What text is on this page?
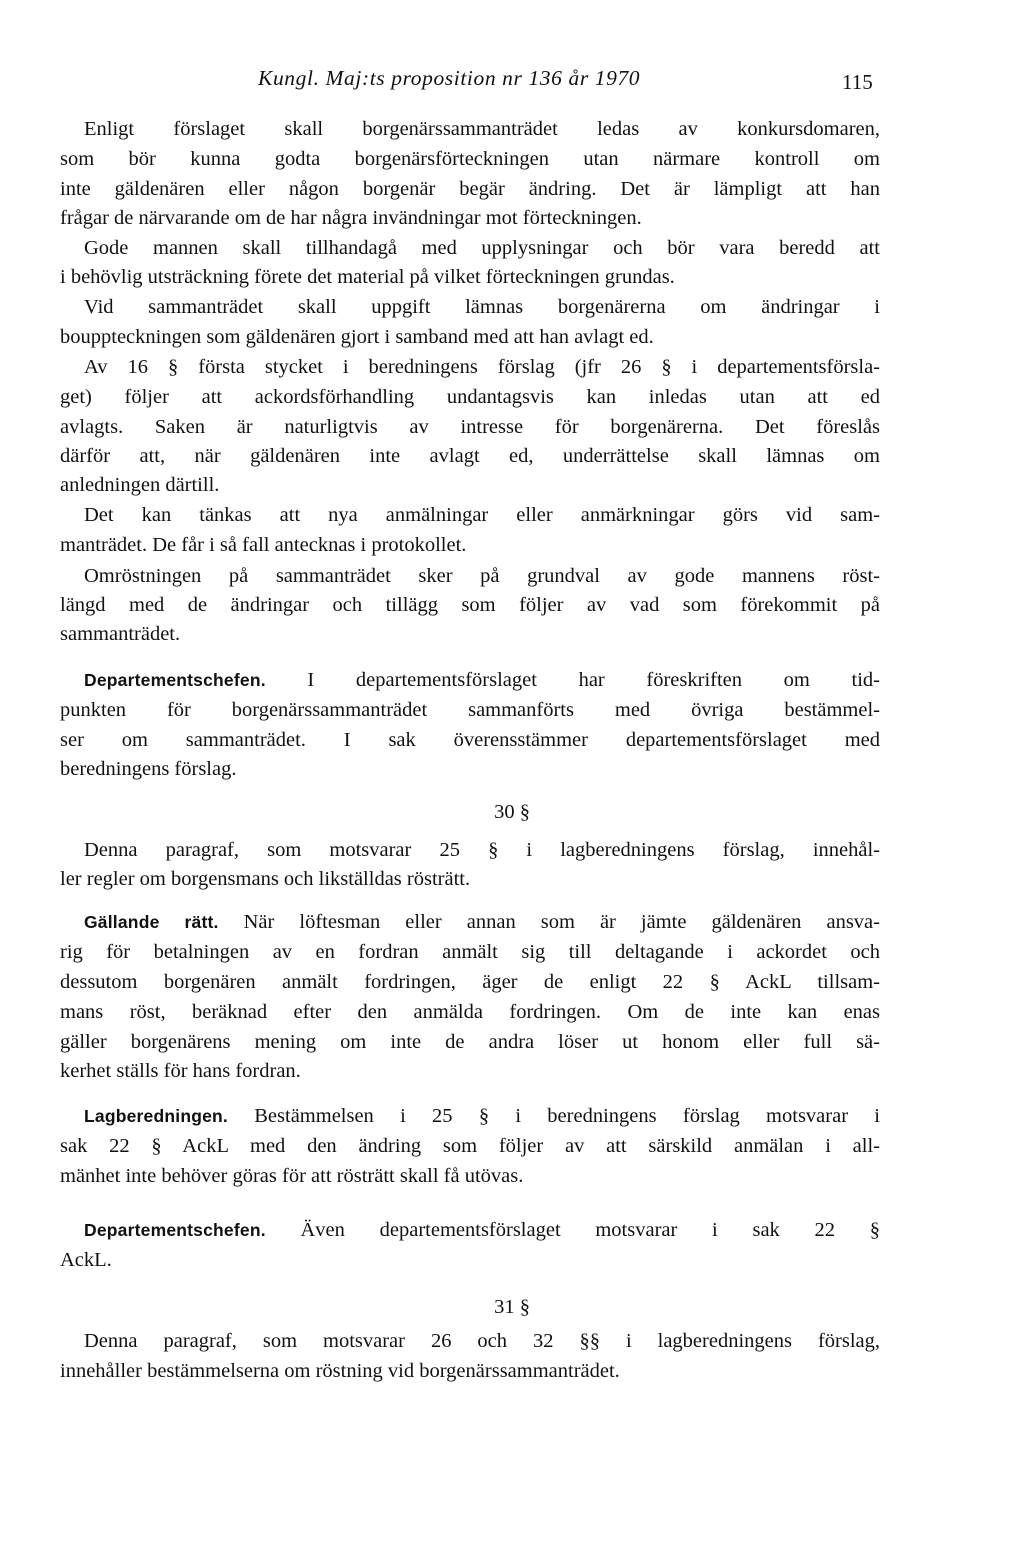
Kungl. Maj:ts proposition nr 136 år 1970	115
Enligt förslaget skall borgenärssammanträdet ledas av konkursdomaren,
som bör kunna godta borgenärsförteckningen utan närmare kontroll om
inte gäldenären eller någon borgenär begär ändring. Det är lämpligt att han
frågar de närvarande om de har några invändningar mot förteckningen.
Gode mannen skall tillhandagå med upplysningar och bör vara beredd att
i behövlig utsträckning förete det material på vilket förteckningen grundas.
Vid sammanträdet skall uppgift lämnas borgenärerna om ändringar i
bouppteckningen som gäldenären gjort i samband med att han avlagt ed.
Av 16 § första stycket i beredningens förslag (jfr 26 § i departementsförsla-
get) följer att ackordsförhandling undantagsvis kan inledas utan att ed
avlagts. Saken är naturligtvis av intresse för borgenärerna. Det föreslås
därför att, när gäldenären inte avlagt ed, underrättelse skall lämnas om
anledningen därtill.
Det kan tänkas att nya anmälningar eller anmärkningar görs vid sam-
manträdet. De får i så fall antecknas i protokollet.
Omröstningen på sammanträdet sker på grundval av gode mannens röst-
längd med de ändringar och tillägg som följer av vad som förekommit på
sammanträdet.
Departementschefen. I departementsförslaget har föreskriften om tid-
punkten för borgenärssammanträdet sammanförts med övriga bestämmel-
ser om sammanträdet. I sak överensstämmer departementsförslaget med
beredningens förslag.
30 §
Denna paragraf, som motsvarar 25 § i lagberedningens förslag, innehål-
ler regler om borgensmans och likställdas rösträtt.
Gällande rätt. När löftesman eller annan som är jämte gäldenären ansva-
rig för betalningen av en fordran anmält sig till deltagande i ackordet och
dessutom borgenären anmält fordringen, äger de enligt 22 § AckL tillsam-
mans röst, beräknad efter den anmälda fordringen. Om de inte kan enas
gäller borgenärens mening om inte de andra löser ut honom eller full sä-
kerhet ställs för hans fordran.
Lagberedningen. Bestämmelsen i 25 § i beredningens förslag motsvarar i
sak 22 § AckL med den ändring som följer av att särskild anmälan i all-
mänhet inte behöver göras för att rösträtt skall få utövas.
Departementschefen. Även departementsförslaget motsvarar i sak 22 §
AckL.
31 §
Denna paragraf, som motsvarar 26 och 32 §§ i lagberedningens förslag,
innehåller bestämmelserna om röstning vid borgenärssammanträdet.
